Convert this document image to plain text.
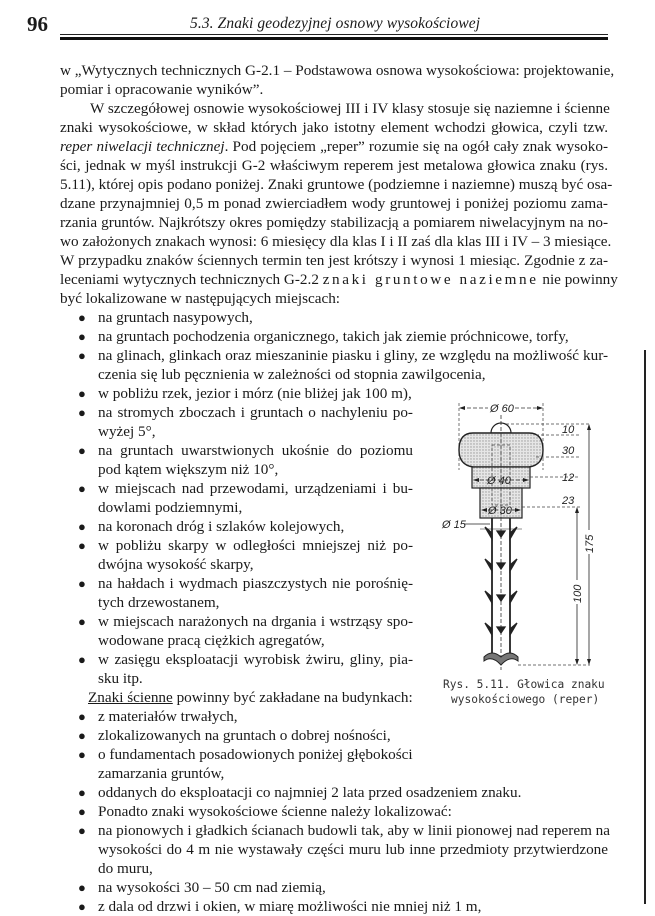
96	5.3. Znaki geodezyjnej osnowy wysokościowej
w „Wytycznych technicznych G-2.1 – Podstawowa osnowa wysokościowa: projektowanie,
pomiar i opracowanie wyników”.
W szczegółowej osnowie wysokościowej III i IV klasy stosuje się naziemne i ścienne
znaki wysokościowe, w skład których jako istotny element wchodzi głowica, czyli tzw.
reper niwelacji technicznej. Pod pojęciem „reper” rozumie się na ogół cały znak wysoko-
ści, jednak w myśl instrukcji G-2 właściwym reperem jest metalowa głowica znaku (rys.
5.11), której opis podano poniżej. Znaki gruntowe (podziemne i naziemne) muszą być osa-
dzane przynajmniej 0,5 m ponad zwierciadłem wody gruntowej i poniżej poziomu zama-
rzania gruntów. Najkrótszy okres pomiędzy stabilizacją a pomiarem niwelacyjnym na no-
wo założonych znakach wynosi: 6 miesięcy dla klas I i II zaś dla klas III i IV – 3 miesiące.
W przypadku znaków ściennych termin ten jest krótszy i wynosi 1 miesiąc. Zgodnie z za-
leceniami wytycznych technicznych G-2.2 znaki gruntowe naziemne nie powinny
być lokalizowane w następujących miejscach:
● na gruntach nasypowych,
● na gruntach pochodzenia organicznego, takich jak ziemie próchnicowe, torfy,
● na glinach, glinkach oraz mieszaninie piasku i gliny, ze względu na możliwość kur-
czenia się lub pęcznienia w zależności od stopnia zawilgocenia,
● w pobliżu rzek, jezior i mórz (nie bliżej jak 100 m),
● na stromych zboczach i gruntach o nachyleniu po-
wyżej 5°,
● na gruntach uwarstwionych ukośnie do poziomu
pod kątem większym niż 10°,
● w miejscach nad przewodami, urządzeniami i bu-
dowlami podziemnymi,
● na koronach dróg i szlaków kolejowych,
● w pobliżu skarpy w odległości mniejszej niż po-
dwójna wysokość skarpy,
● na hałdach i wydmach piaszczystych nie porośnię-
tych drzewostanem,
● w miejscach narażonych na drgania i wstrząsy spo-
wodowane pracą ciężkich agregatów,
● w zasięgu eksploatacji wyrobisk żwiru, gliny, pia-
sku itp.
Znaki ścienne powinny być zakładane na budynkach:
● z materiałów trwałych,
● zlokalizowanych na gruntach o dobrej nośności,
● o fundamentach posadowionych poniżej głębokości
zamarzania gruntów,
● oddanych do eksploatacji co najmniej 2 lata przed osadzeniem znaku.
● Ponadto znaki wysokościowe ścienne należy lokalizować:
● na pionowych i gładkich ścianach budowli tak, aby w linii pionowej nad reperem na
wysokości do 4 m nie wystawały części muru lub inne przedmioty przytwierdzone
do muru,
● na wysokości 30 – 50 cm nad ziemią,
● z dala od drzwi i okien, w miarę możliwości nie mniej niż 1 m,
Ø 60
Ø 40
Ø 30
Ø 15
10
30
12
23
175
100
Rys. 5.11. Głowica znaku
wysokościowego (reper)
